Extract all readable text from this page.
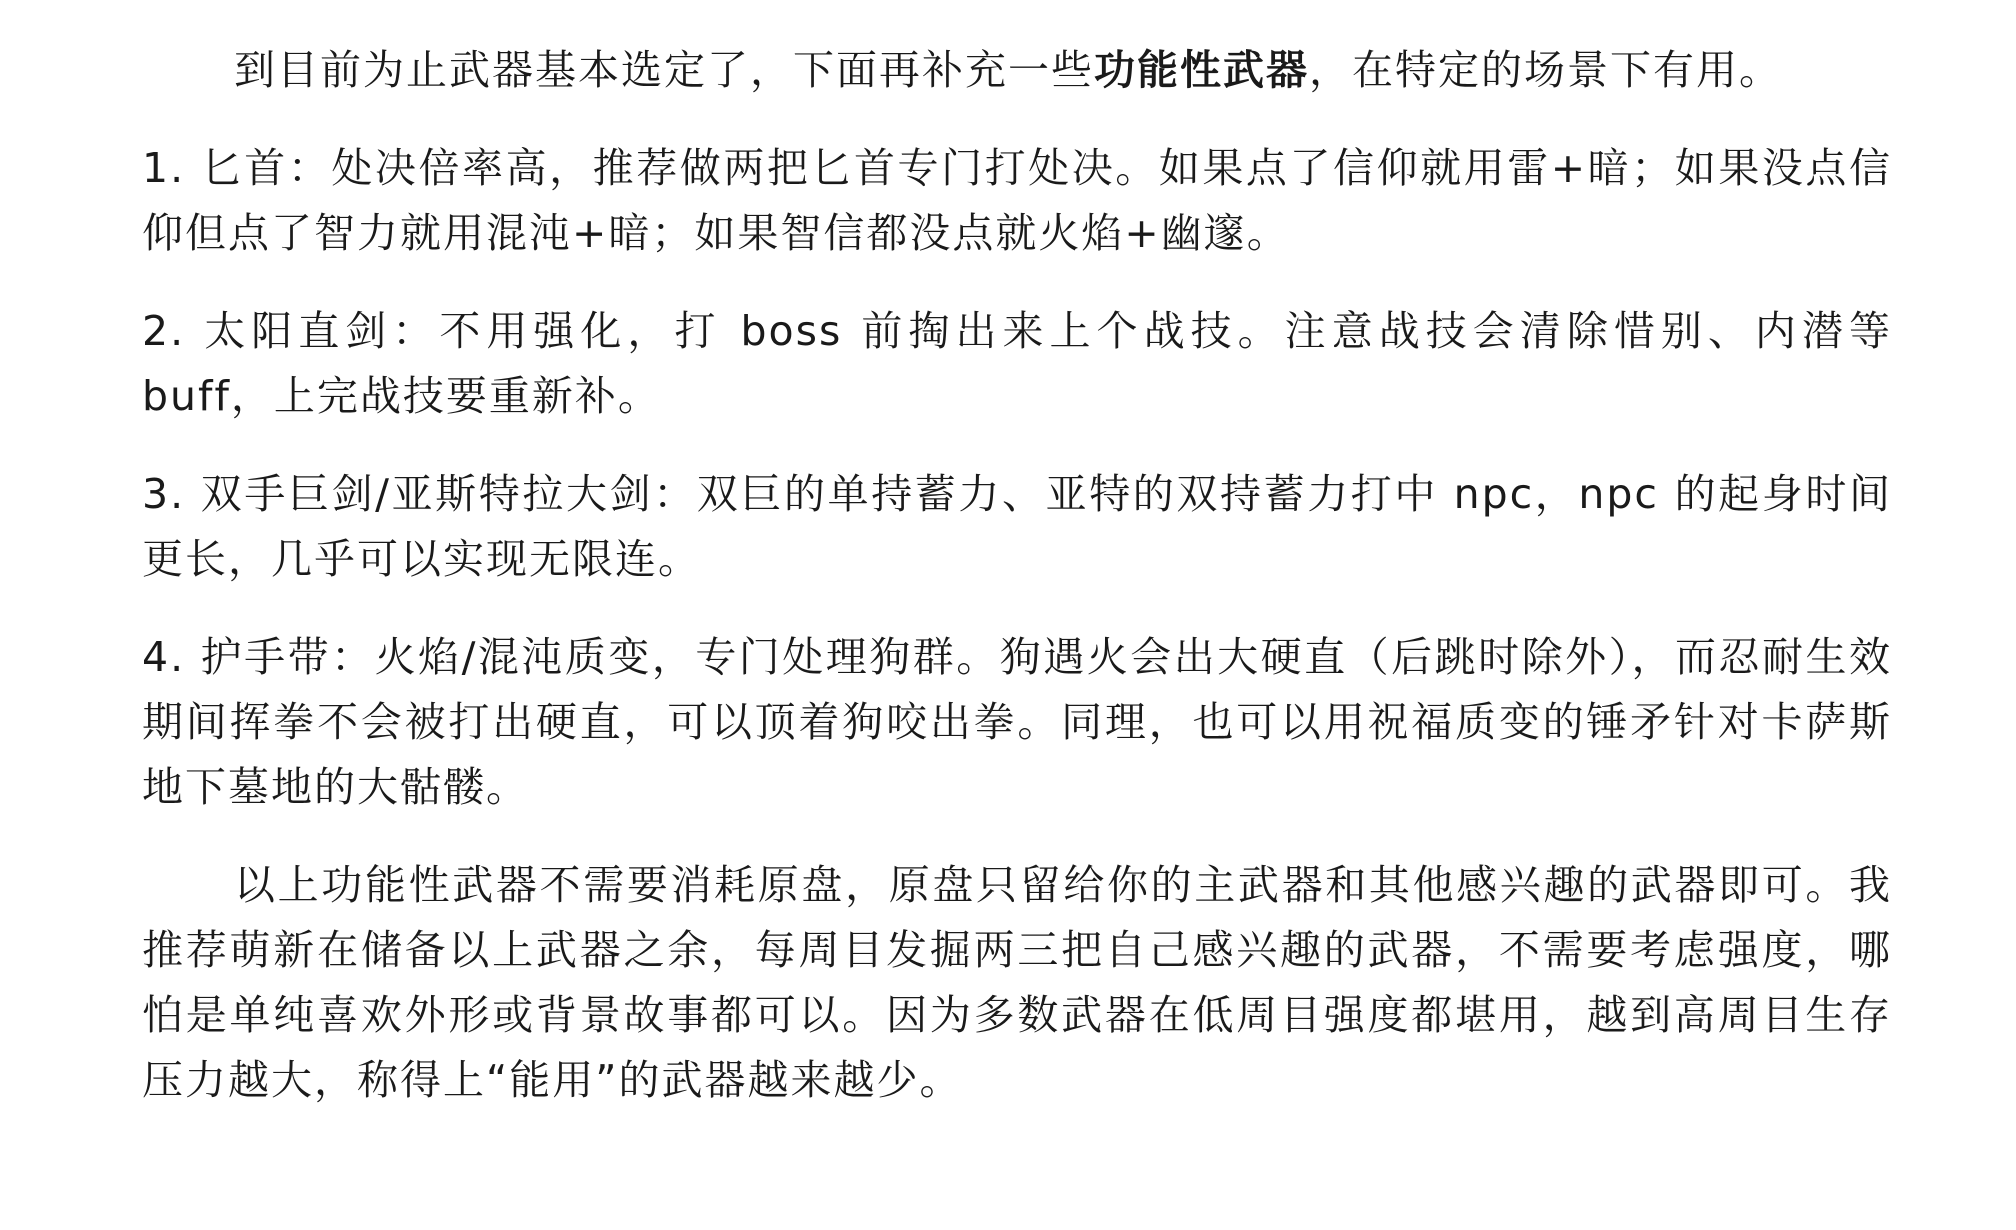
到目前为止武器基本选定了，下面再补充一些功能性武器，在特定的场景下有用。

1. 匕首：处决倍率高，推荐做两把匕首专门打处决。如果点了信仰就用雷+暗；如果没点信仰但点了智力就用混沌+暗；如果智信都没点就火焰+幽邃。

2. 太阳直剑：不用强化，打 boss 前掏出来上个战技。注意战技会清除惜别、内潜等 buff，上完战技要重新补。

3. 双手巨剑/亚斯特拉大剑：双巨的单持蓄力、亚特的双持蓄力打中 npc，npc 的起身时间更长，几乎可以实现无限连。

4. 护手带：火焰/混沌质变，专门处理狗群。狗遇火会出大硬直（后跳时除外），而忍耐生效期间挥拳不会被打出硬直，可以顶着狗咬出拳。同理，也可以用祝福质变的锤矛针对卡萨斯地下墓地的大骷髅。

以上功能性武器不需要消耗原盘，原盘只留给你的主武器和其他感兴趣的武器即可。我推荐萌新在储备以上武器之余，每周目发掘两三把自己感兴趣的武器，不需要考虑强度，哪怕是单纯喜欢外形或背景故事都可以。因为多数武器在低周目强度都堪用，越到高周目生存压力越大，称得上“能用”的武器越来越少。
